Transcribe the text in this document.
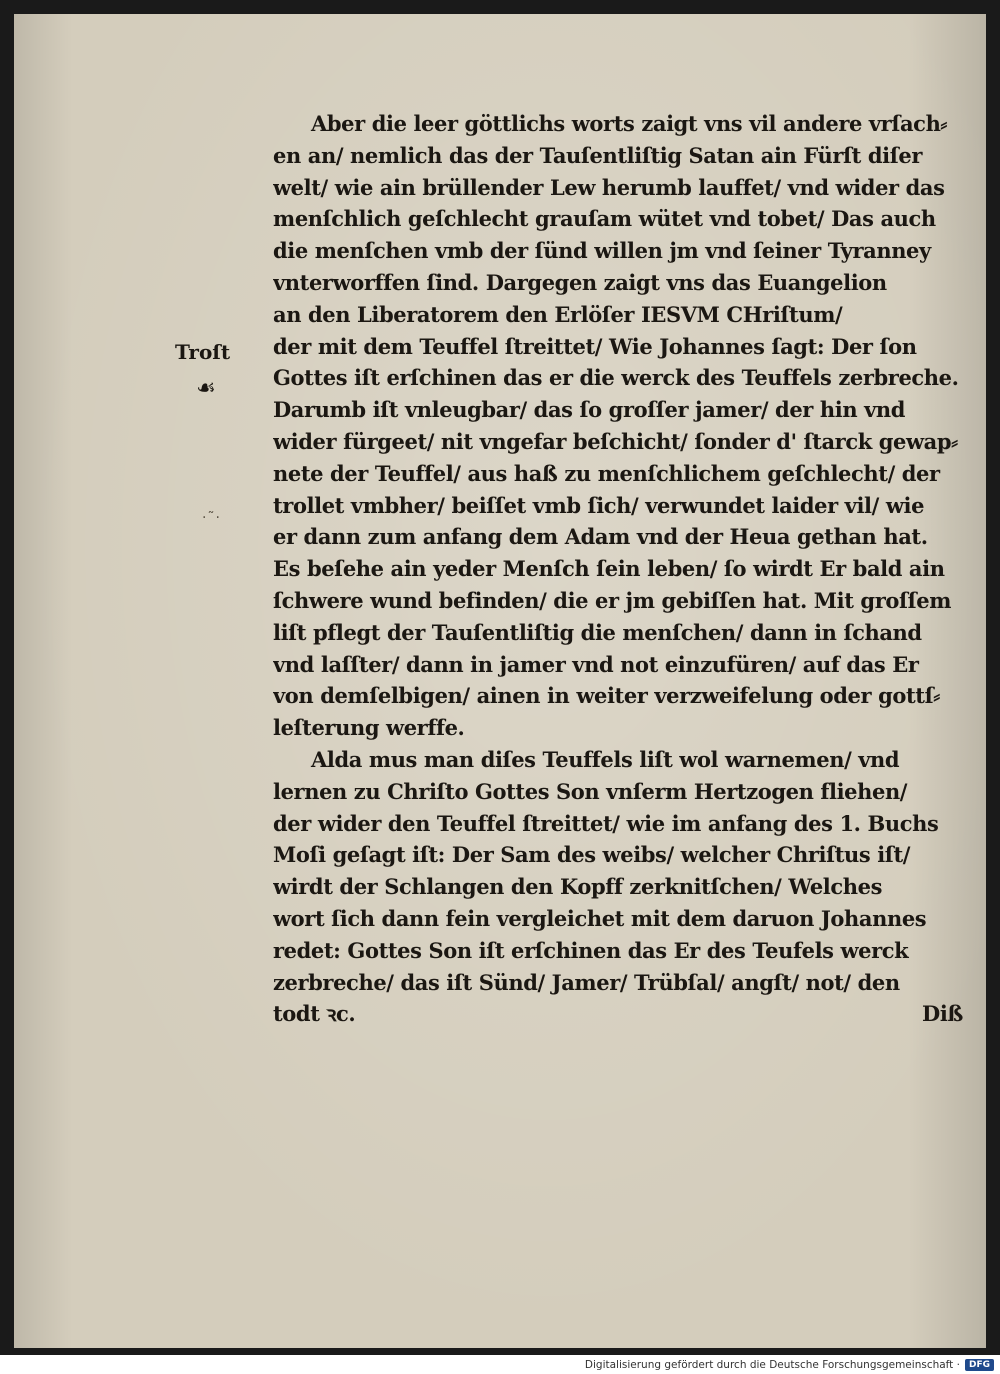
Troſt
☙
·˜·
Aber die leer göttlichs worts zaigt vns vil andere vrſach⸗
en an/ nemlich das der Tauſentliſtig Satan ain Fürſt diſer
welt/ wie ain brüllender Lew herumb lauffet/ vnd wider das
menſchlich geſchlecht grauſam wütet vnd tobet/ Das auch
die menſchen vmb der ſünd willen jm vnd ſeiner Tyranney
vnterworffen ſind. Dargegen zaigt vns das Euangelion
an den Liberatorem den Erlöſer IESVM CHriſtum/
der mit dem Teuffel ſtreittet/ Wie Johannes ſagt: Der ſon
Gottes iſt erſchinen das er die werck des Teuffels zerbreche.
Darumb iſt vnleugbar/ das ſo groſſer jamer/ der hin vnd
wider fürgeet/ nit vngefar beſchicht/ ſonder d' ſtarck gewap⸗
nete der Teuffel/ aus haß zu menſchlichem geſchlecht/ der
trollet vmbher/ beiſſet vmb ſich/ verwundet laider vil/ wie
er dann zum anfang dem Adam vnd der Heua gethan hat.
Es beſehe ain yeder Menſch ſein leben/ ſo wirdt Er bald ain
ſchwere wund befinden/ die er jm gebiſſen hat. Mit groſſem
liſt pflegt der Tauſentliſtig die menſchen/ dann in ſchand
vnd laſſter/ dann in jamer vnd not einzufüren/ auf das Er
von demſelbigen/ ainen in weiter verzweifelung oder gottſ⸗
leſterung werffe.
Alda mus man diſes Teuffels liſt wol warnemen/ vnd
lernen zu Chriſto Gottes Son vnſerm Hertzogen fliehen/
der wider den Teuffel ſtreittet/ wie im anfang des 1. Buchs
Moſi geſagt iſt: Der Sam des weibs/ welcher Chriſtus iſt/
wirdt der Schlangen den Kopff zerknitſchen/ Welches
wort ſich dann fein vergleichet mit dem daruon Johannes
redet: Gottes Son iſt erſchinen das Er des Teufels werck
zerbreche/ das iſt Sünd/ Jamer/ Trübſal/ angſt/ not/ den
todt ꝛc.	Diß
Digitalisierung gefördert durch die Deutsche Forschungsgemeinschaft ·	DFG
